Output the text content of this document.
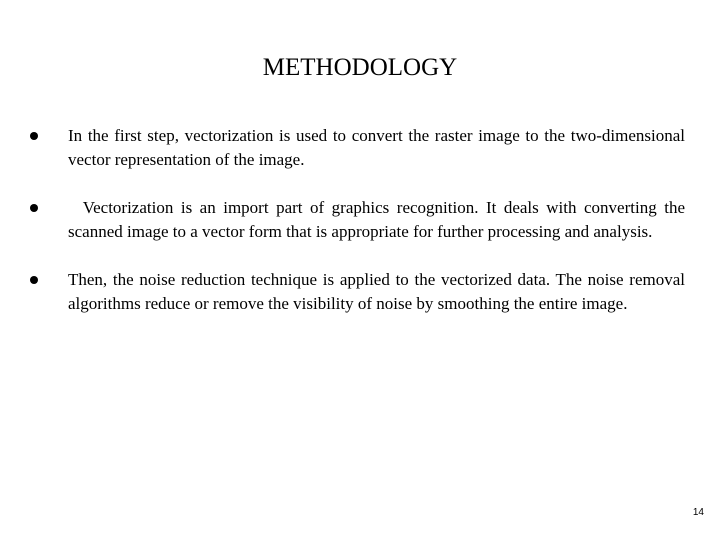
METHODOLOGY
In the first step, vectorization is used to convert the raster image to the two-dimensional vector representation of the image.
Vectorization is an import part of graphics recognition. It deals with converting the scanned image to a vector form that is appropriate for further processing and analysis.
Then, the noise reduction technique is applied to the vectorized data. The noise removal algorithms reduce or remove the visibility of noise by smoothing the entire image.
14
